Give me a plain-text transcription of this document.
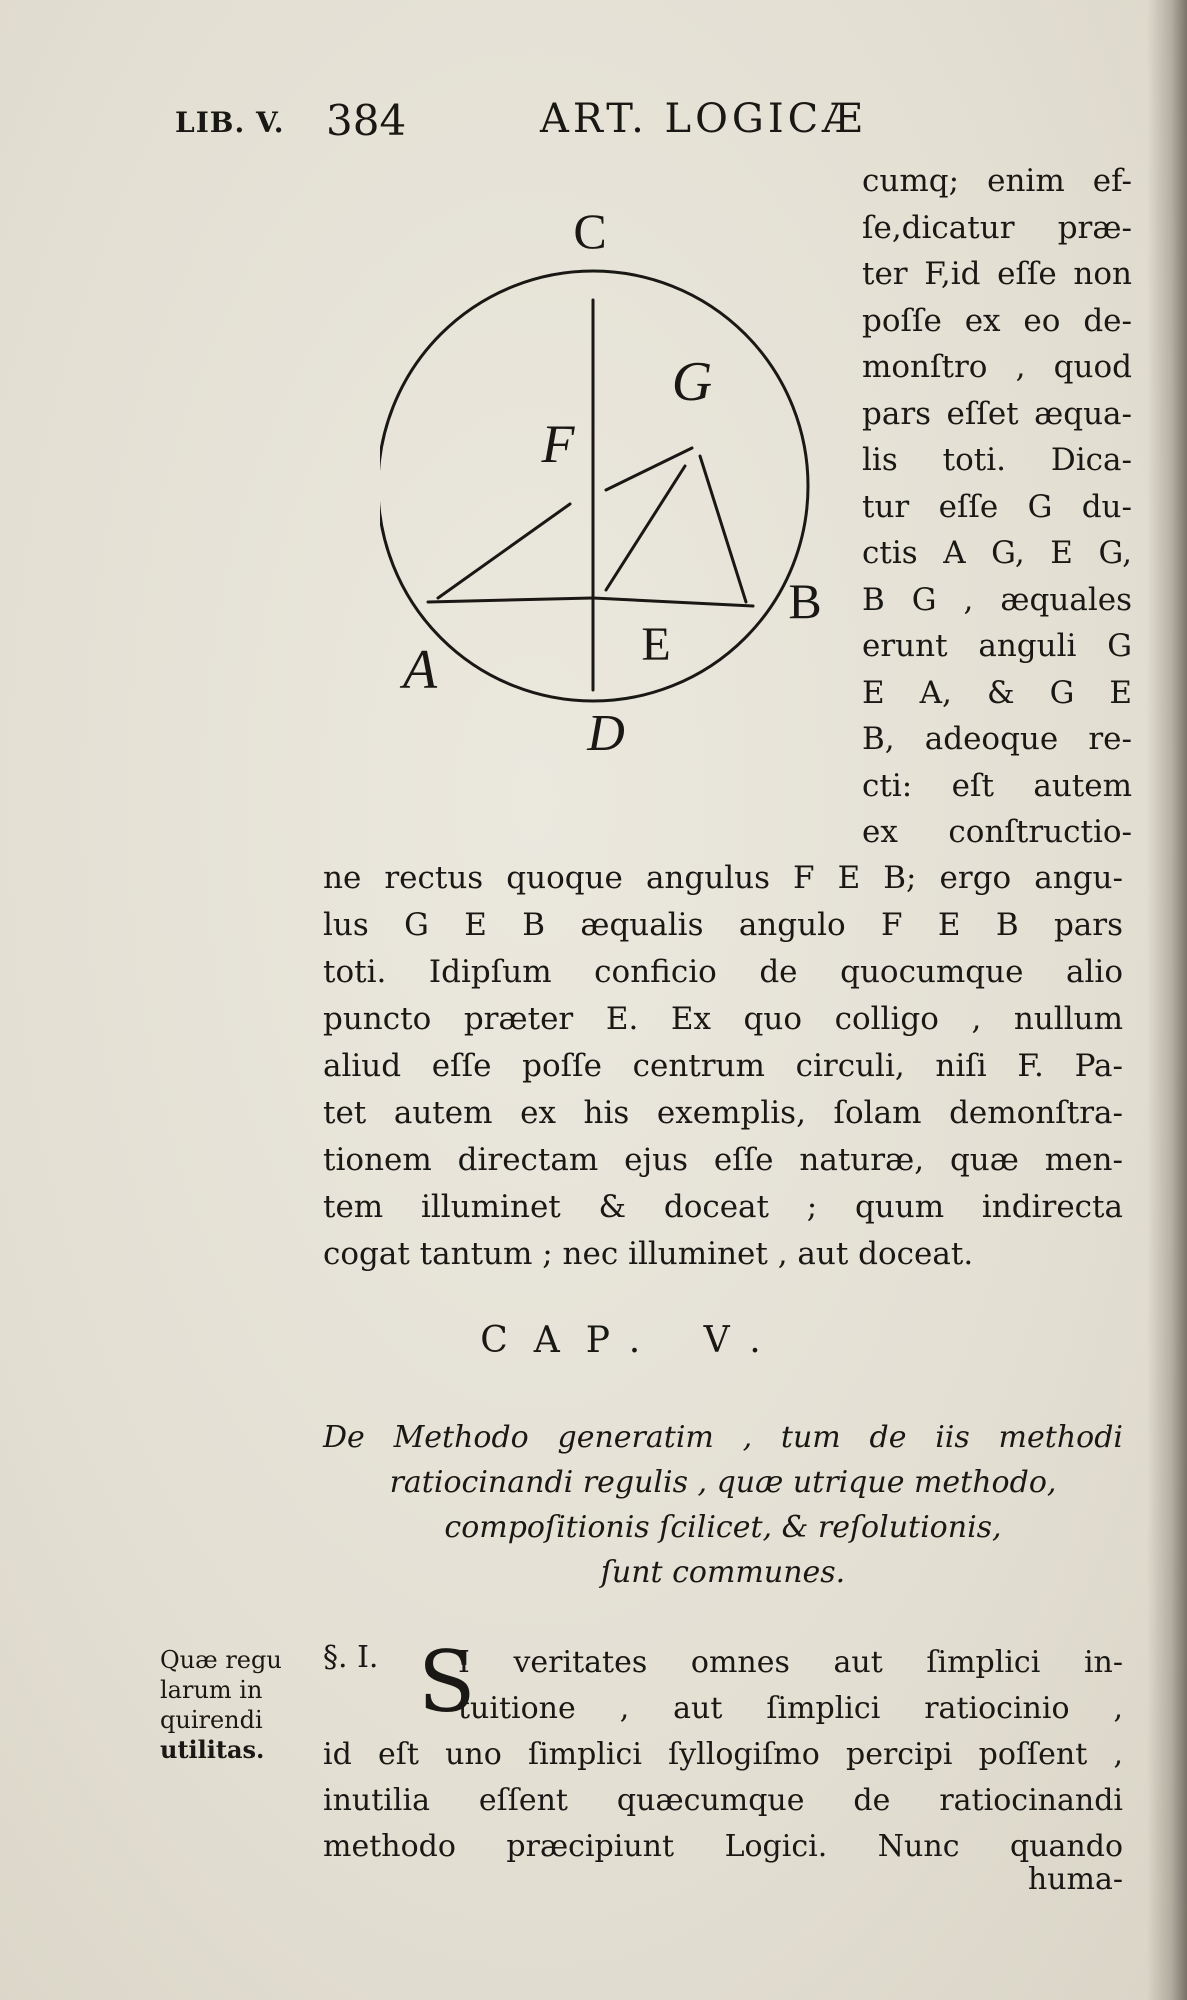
LIB. V. 384	ART. LOGICÆ
C
G
F
A
B
E
D
cumq; enim ef-
ſe,dicatur præ-
ter F,id eſſe non
poſſe ex eo de-
monſtro , quod
pars eſſet æqua-
lis toti. Dica-
tur eſſe G du-
ctis A G, E G,
B G , æquales
erunt anguli G
E A, & G E
B, adeoque re-
cti: eſt autem
ex conſtructio-
ne rectus quoque angulus F E B; ergo angu-
lus G E B æqualis angulo F E B pars
toti. Idipſum conficio de quocumque alio
puncto præter E. Ex quo colligo , nullum
aliud eſſe poſſe centrum circuli, niſi F. Pa-
tet autem ex his exemplis, ſolam demonſtra-
tionem directam ejus eſſe naturæ, quæ men-
tem illuminet & doceat ; quum indirecta
cogat tantum ; nec illuminet , aut doceat.
CAP. V.
De Methodo generatim , tum de iis methodi
ratiocinandi regulis , quæ utrique methodo,
compoſitionis ſcilicet, & reſolutionis,
ſunt communes.
Quæ regu
larum in
quirendi
utilitas.
§. I. S
I veritates omnes aut ſimplici in-
tuitione , aut ſimplici ratiocinio ,
id eſt uno ſimplici ſyllogiſmo percipi poſſent ,
inutilia eſſent quæcumque de ratiocinandi
methodo præcipiunt Logici. Nunc quando
huma-
